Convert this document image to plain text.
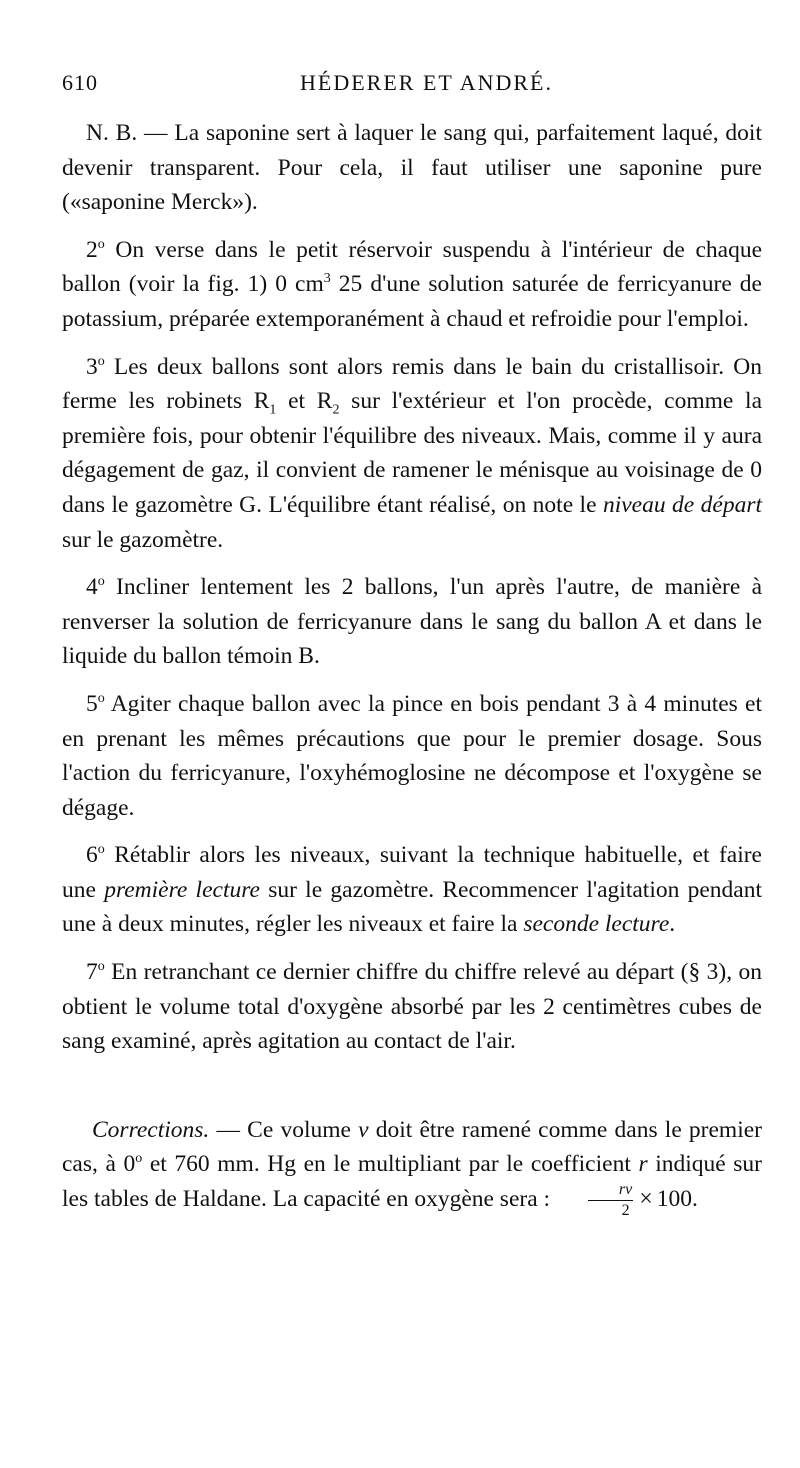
610	HÉDERER ET ANDRÉ.

N. B. — La saponine sert à laquer le sang qui, parfaitement laqué, doit devenir transparent. Pour cela, il faut utiliser une saponine pure («saponine Merck»).

2$^o$ On verse dans le petit réservoir suspendu à l'intérieur de chaque ballon (voir la fig. 1) 0 $cm^3$ 25 d'une solution saturée de ferricyanure de potassium, préparée extemporanément à chaud et refroidie pour l'emploi.

3$^o$ Les deux ballons sont alors remis dans le bain du cristallisoir. On ferme les robinets $R_1$ et $R_2$ sur l'extérieur et l'on procède, comme la première fois, pour obtenir l'équilibre des niveaux. Mais, comme il y aura dégagement de gaz, il convient de ramener le ménisque au voisinage de 0 dans le gazomètre G. L'équilibre étant réalisé, on note le niveau de départ sur le gazomètre.

4$^o$ Incliner lentement les 2 ballons, l'un après l'autre, de manière à renverser la solution de ferricyanure dans le sang du ballon A et dans le liquide du ballon témoin B.

5$^o$ Agiter chaque ballon avec la pince en bois pendant 3 à 4 minutes et en prenant les mêmes précautions que pour le premier dosage. Sous l'action du ferricyanure, l'oxyhémoglosine ne décompose et l'oxygène se dégage.

6$^o$ Rétablir alors les niveaux, suivant la technique habituelle, et faire une première lecture sur le gazomètre. Recommencer l'agitation pendant une à deux minutes, régler les niveaux et faire la seconde lecture.

7$^o$ En retranchant ce dernier chiffre du chiffre relevé au départ (§ 3), on obtient le volume total d'oxygène absorbé par les 2 centimètres cubes de sang examiné, après agitation au contact de l'air.

Corrections. — Ce volume v doit être ramené comme dans le premier cas, à 0$^o$ et 760 mm. Hg en le multipliant par le coefficient r indiqué sur les tables de Haldane. La capacité en oxygène sera : $\frac{rv}{2} \times 100$.
